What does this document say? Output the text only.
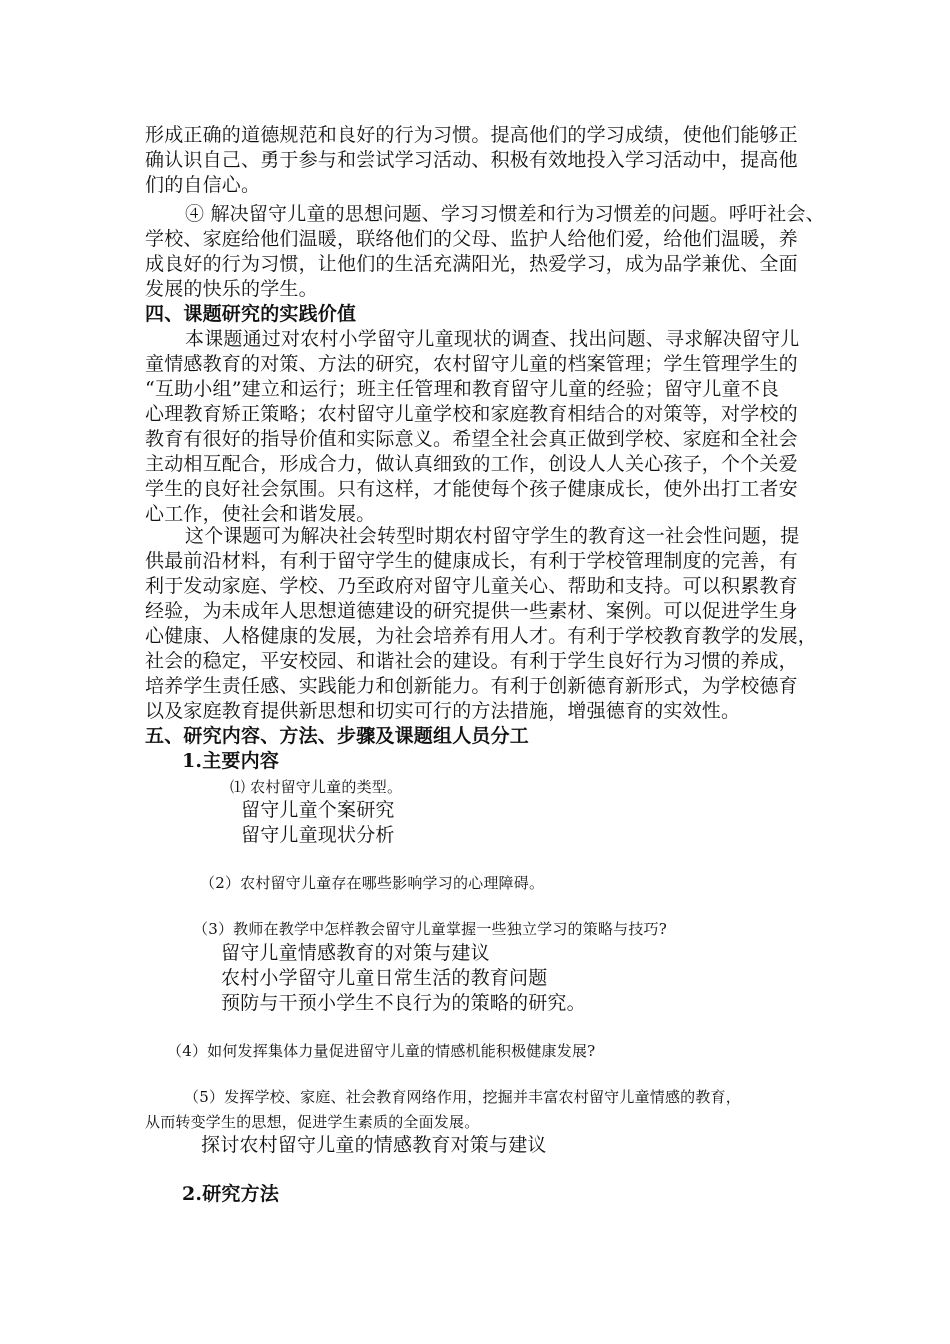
形成正确的道德规范和良好的行为习惯。提高他们的学习成绩，使他们能够正
确认识自己、勇于参与和尝试学习活动、积极有效地投入学习活动中，提高他
们的自信心。
④ 解决留守儿童的思想问题、学习习惯差和行为习惯差的问题。呼吁社会、
学校、家庭给他们温暖，联络他们的父母、监护人给他们爱，给他们温暖，养
成良好的行为习惯，让他们的生活充满阳光，热爱学习，成为品学兼优、全面
发展的快乐的学生。
四、课题研究的实践价值
本课题通过对农村小学留守儿童现状的调查、找出问题、寻求解决留守儿
童情感教育的对策、方法的研究，农村留守儿童的档案管理；学生管理学生的
“互助小组”建立和运行；班主任管理和教育留守儿童的经验；留守儿童不良
心理教育矫正策略；农村留守儿童学校和家庭教育相结合的对策等，对学校的
教育有很好的指导价值和实际意义。希望全社会真正做到学校、家庭和全社会
主动相互配合，形成合力，做认真细致的工作，创设人人关心孩子，个个关爱
学生的良好社会氛围。只有这样，才能使每个孩子健康成长，使外出打工者安
心工作，使社会和谐发展。
这个课题可为解决社会转型时期农村留守学生的教育这一社会性问题，提
供最前沿材料，有利于留守学生的健康成长，有利于学校管理制度的完善，有
利于发动家庭、学校、乃至政府对留守儿童关心、帮助和支持。可以积累教育
经验，为未成年人思想道德建设的研究提供一些素材、案例。可以促进学生身
心健康、人格健康的发展，为社会培养有用人才。有利于学校教育教学的发展，
社会的稳定，平安校园、和谐社会的建设。有利于学生良好行为习惯的养成，
培养学生责任感、实践能力和创新能力。有利于创新德育新形式，为学校德育
以及家庭教育提供新思想和切实可行的方法措施，增强德育的实效性。
五、研究内容、方法、步骤及课题组人员分工
1.主要内容
⑴ 农村留守儿童的类型。
留守儿童个案研究
留守儿童现状分析
（2）农村留守儿童存在哪些影响学习的心理障碍。
（3）教师在教学中怎样教会留守儿童掌握一些独立学习的策略与技巧?
留守儿童情感教育的对策与建议
农村小学留守儿童日常生活的教育问题
预防与干预小学生不良行为的策略的研究。
（4）如何发挥集体力量促进留守儿童的情感机能积极健康发展?
（5）发挥学校、家庭、社会教育网络作用，挖掘并丰富农村留守儿童情感的教育，
从而转变学生的思想，促进学生素质的全面发展。
探讨农村留守儿童的情感教育对策与建议
2.研究方法
